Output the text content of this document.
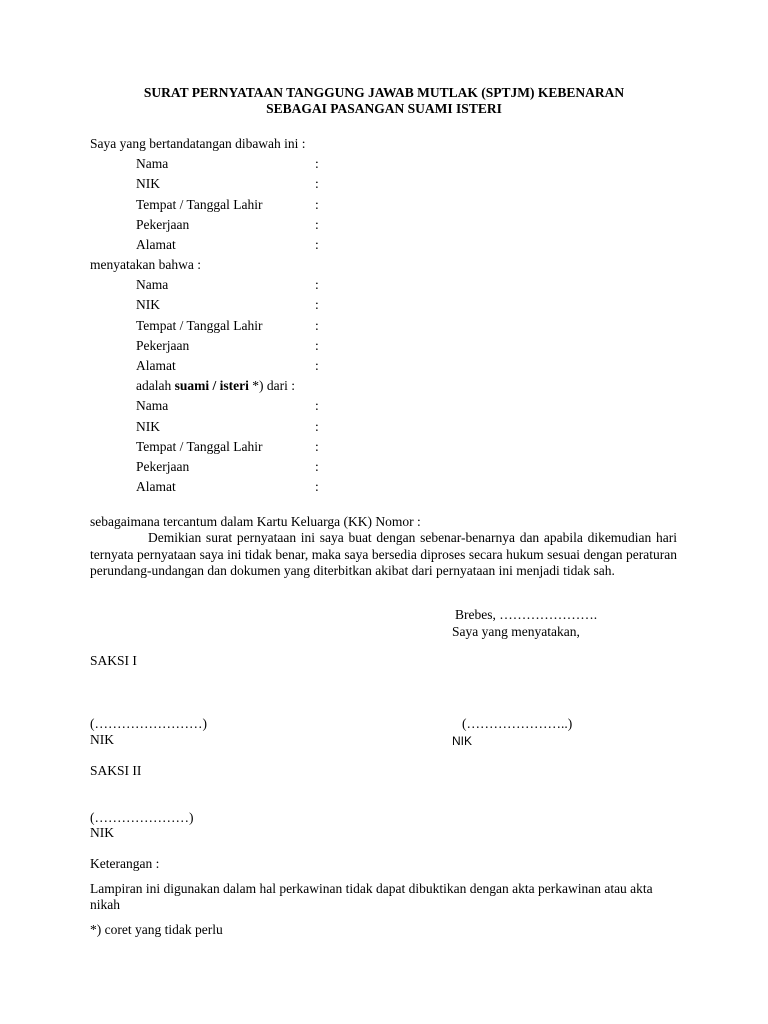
SURAT PERNYATAAN TANGGUNG JAWAB MUTLAK (SPTJM) KEBENARAN
SEBAGAI PASANGAN SUAMI ISTERI
Saya yang bertandatangan dibawah ini :
Nama	:
NIK	:
Tempat / Tanggal Lahir	:
Pekerjaan	:
Alamat	:
menyatakan bahwa :
Nama	:
NIK	:
Tempat / Tanggal Lahir	:
Pekerjaan	:
Alamat	:
adalah suami / isteri *) dari :
Nama	:
NIK	:
Tempat / Tanggal Lahir	:
Pekerjaan	:
Alamat	:
sebagaimana tercantum dalam Kartu Keluarga (KK) Nomor :
Demikian surat pernyataan ini saya buat dengan sebenar-benarnya dan apabila dikemudian hari ternyata pernyataan saya ini tidak benar, maka saya bersedia diproses secara hukum sesuai dengan peraturan perundang-undangan dan dokumen yang diterbitkan akibat dari pernyataan ini menjadi tidak sah.
Brebes, ………………….
Saya yang menyatakan,
SAKSI I
(……………………)
NIK
(…………………..)
NIK
SAKSI II
(…………………)
NIK
Keterangan :
Lampiran ini digunakan dalam hal perkawinan tidak dapat dibuktikan dengan akta perkawinan atau akta nikah
*) coret yang tidak perlu
